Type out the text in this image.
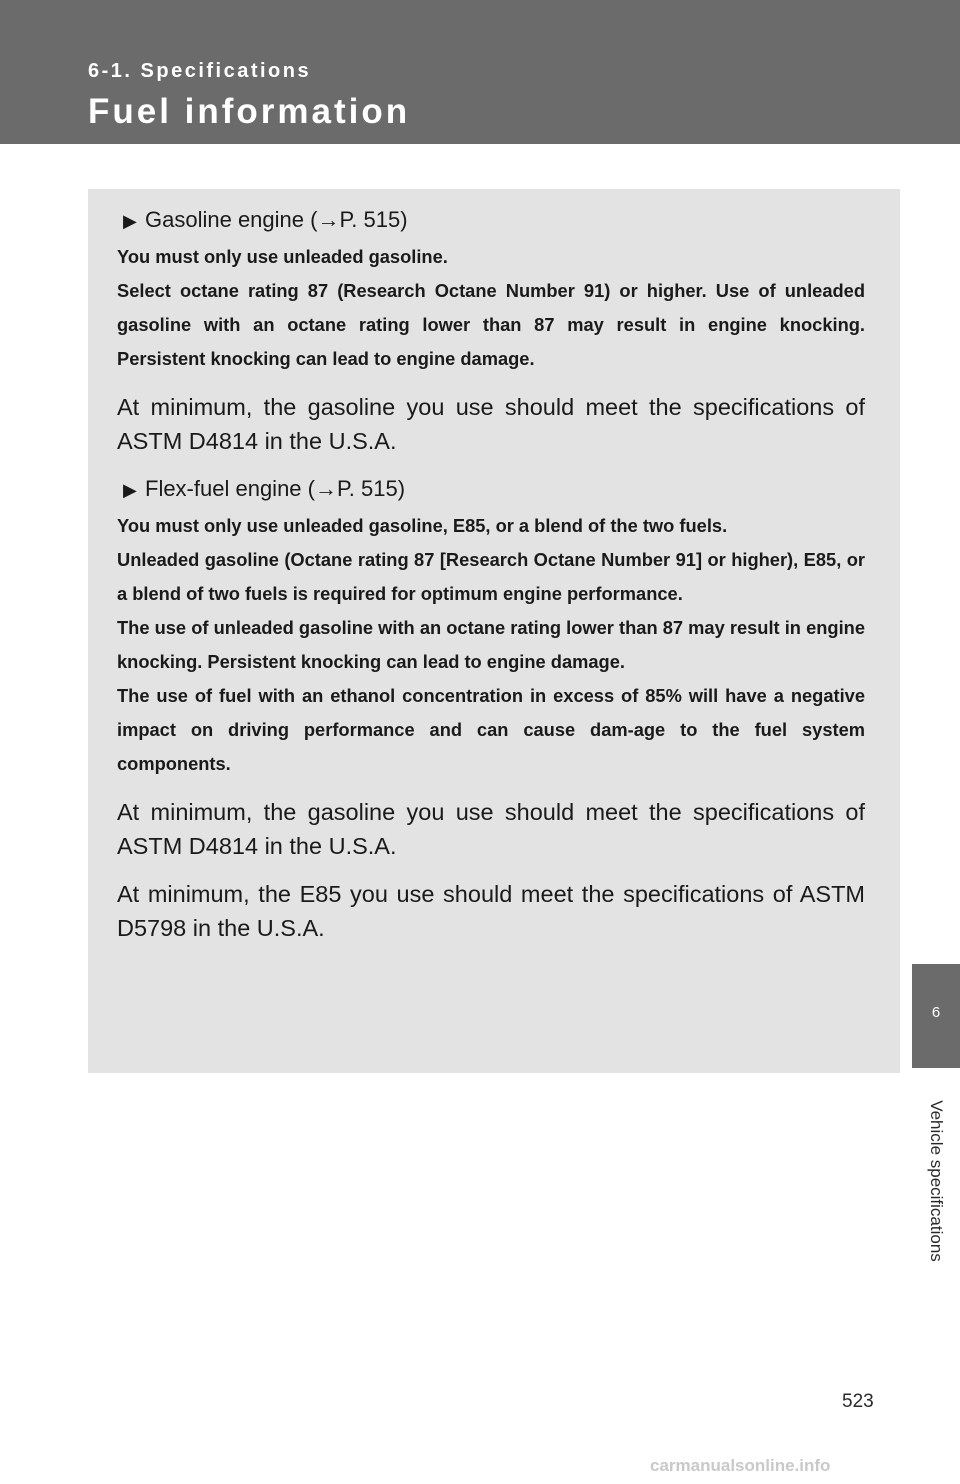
6-1. Specifications
Fuel information
▶ Gasoline engine (→P. 515)

You must only use unleaded gasoline.

Select octane rating 87 (Research Octane Number 91) or higher. Use of unleaded gasoline with an octane rating lower than 87 may result in engine knocking. Persistent knocking can lead to engine damage.

At minimum, the gasoline you use should meet the specifications of ASTM D4814 in the U.S.A.

▶ Flex-fuel engine (→P. 515)

You must only use unleaded gasoline, E85, or a blend of the two fuels.

Unleaded gasoline (Octane rating 87 [Research Octane Number 91] or higher), E85, or a blend of two fuels is required for optimum engine performance.

The use of unleaded gasoline with an octane rating lower than 87 may result in engine knocking. Persistent knocking can lead to engine damage.

The use of fuel with an ethanol concentration in excess of 85% will have a negative impact on driving performance and can cause dam-age to the fuel system components.

At minimum, the gasoline you use should meet the specifications of ASTM D4814 in the U.S.A.

At minimum, the E85 you use should meet the specifications of ASTM D5798 in the U.S.A.

6
Vehicle specifications
523
carmanualsonline.info
